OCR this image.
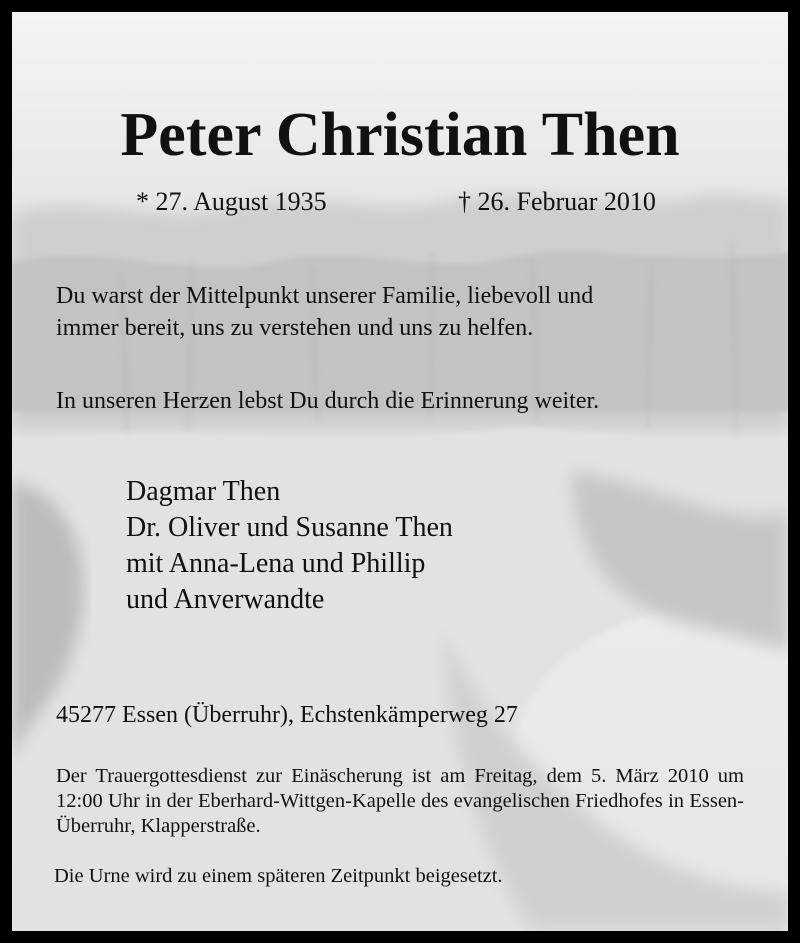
Peter Christian Then

* 27. August 1935	† 26. Februar 2010

Du warst der Mittelpunkt unserer Familie, liebevoll und
immer bereit, uns zu verstehen und uns zu helfen.

In unseren Herzen lebst Du durch die Erinnerung weiter.

Dagmar Then
Dr. Oliver und Susanne Then
mit Anna-Lena und Phillip
und Anverwandte

45277 Essen (Überruhr), Echstenkämperweg 27

Der Trauergottesdienst zur Einäscherung ist am Freitag, dem 5. März 2010 um 12:00 Uhr in der Eberhard-Wittgen-Kapelle des evangelischen Friedhofes in Essen-Überruhr, Klapperstraße.

Die Urne wird zu einem späteren Zeitpunkt beigesetzt.
